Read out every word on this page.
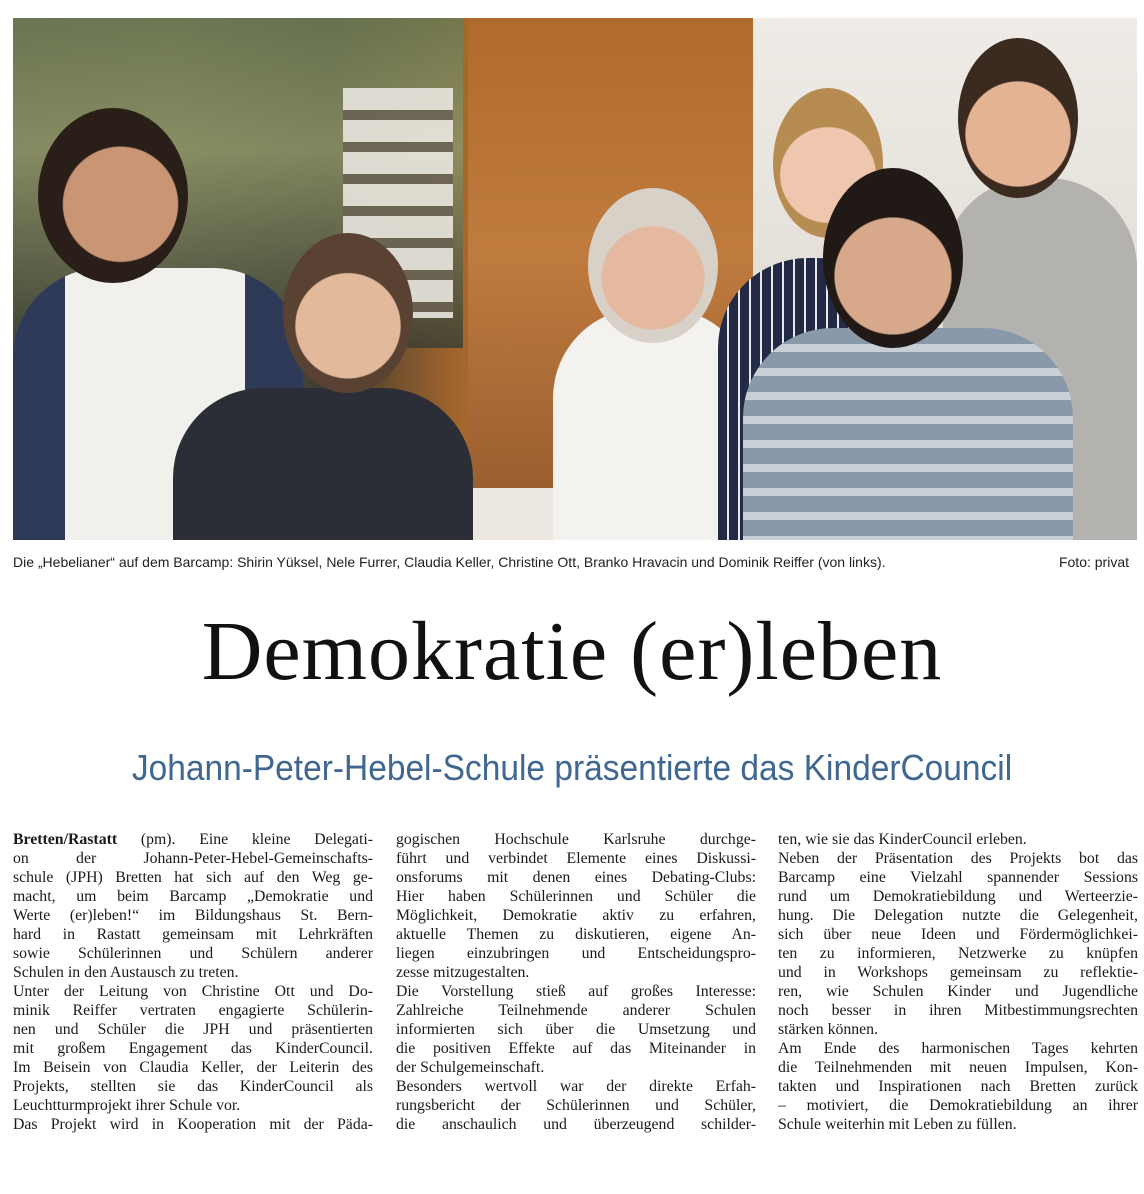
Die „Hebelianer“ auf dem Barcamp: Shirin Yüksel, Nele Furrer, Claudia Keller, Christine Ott, Branko Hravacin und Dominik Reiffer (von links).	Foto: privat
Demokratie (er)leben
Johann-Peter-Hebel-Schule präsentierte das KinderCouncil
Bretten/Rastatt (pm). Eine kleine Delegati-
on der Johann-Peter-Hebel-Gemeinschafts-
schule (JPH) Bretten hat sich auf den Weg ge-
macht, um beim Barcamp „Demokratie und
Werte (er)leben!“ im Bildungshaus St. Bern-
hard in Rastatt gemeinsam mit Lehrkräften
sowie Schülerinnen und Schülern anderer
Schulen in den Austausch zu treten.
Unter der Leitung von Christine Ott und Do-
minik Reiffer vertraten engagierte Schülerin-
nen und Schüler die JPH und präsentierten
mit großem Engagement das KinderCouncil.
Im Beisein von Claudia Keller, der Leiterin des
Projekts, stellten sie das KinderCouncil als
Leuchtturmprojekt ihrer Schule vor.
Das Projekt wird in Kooperation mit der Päda-
gogischen Hochschule Karlsruhe durchge-
führt und verbindet Elemente eines Diskussi-
onsforums mit denen eines Debating-Clubs:
Hier haben Schülerinnen und Schüler die
Möglichkeit, Demokratie aktiv zu erfahren,
aktuelle Themen zu diskutieren, eigene An-
liegen einzubringen und Entscheidungspro-
zesse mitzugestalten.
Die Vorstellung stieß auf großes Interesse:
Zahlreiche Teilnehmende anderer Schulen
informierten sich über die Umsetzung und
die positiven Effekte auf das Miteinander in
der Schulgemeinschaft.
Besonders wertvoll war der direkte Erfah-
rungsbericht der Schülerinnen und Schüler,
die anschaulich und überzeugend schilder-
ten, wie sie das KinderCouncil erleben.
Neben der Präsentation des Projekts bot das
Barcamp eine Vielzahl spannender Sessions
rund um Demokratiebildung und Werteerzie-
hung. Die Delegation nutzte die Gelegenheit,
sich über neue Ideen und Fördermöglichkei-
ten zu informieren, Netzwerke zu knüpfen
und in Workshops gemeinsam zu reflektie-
ren, wie Schulen Kinder und Jugendliche
noch besser in ihren Mitbestimmungsrechten
stärken können.
Am Ende des harmonischen Tages kehrten
die Teilnehmenden mit neuen Impulsen, Kon-
takten und Inspirationen nach Bretten zurück
– motiviert, die Demokratiebildung an ihrer
Schule weiterhin mit Leben zu füllen.
